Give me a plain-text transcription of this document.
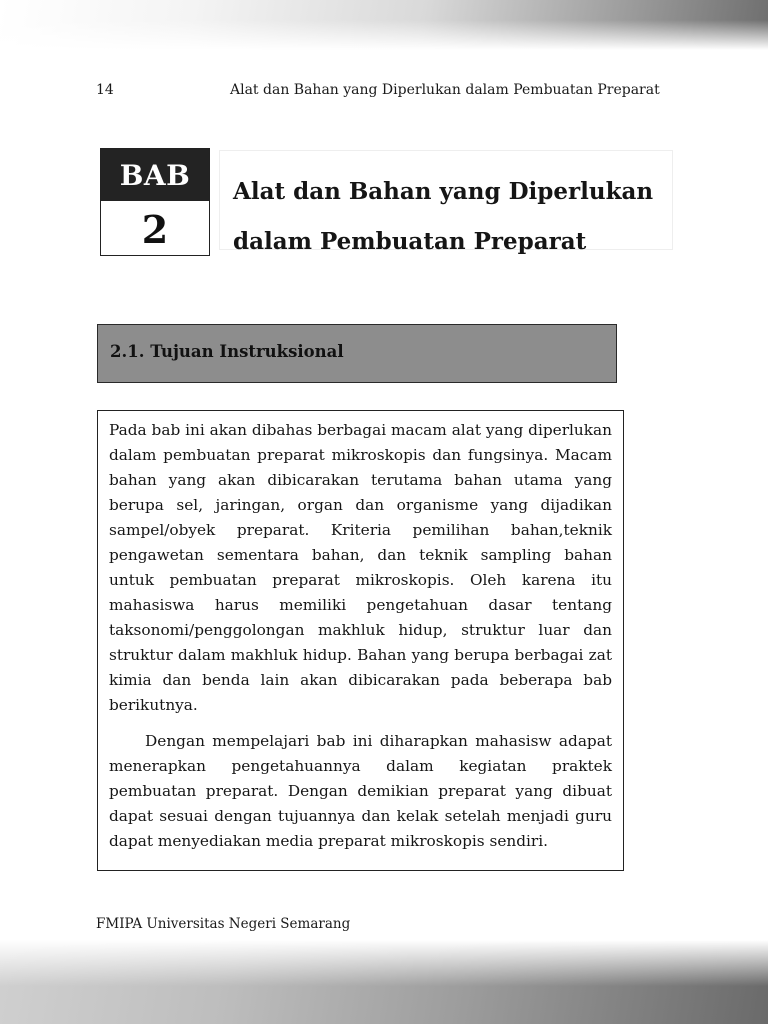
14	Alat dan Bahan yang Diperlukan dalam Pembuatan Preparat
BAB
2
Alat dan Bahan yang Diperlukan
dalam Pembuatan Preparat
2.1. Tujuan Instruksional

Pada bab ini akan dibahas berbagai macam alat yang diperlukan dalam pembuatan preparat mikroskopis dan fungsinya. Macam bahan yang akan dibicarakan terutama bahan utama yang berupa sel, jaringan, organ dan organisme yang dijadikan sampel/obyek preparat. Kriteria pemilihan bahan,teknik pengawetan sementara bahan, dan teknik sampling bahan untuk pembuatan preparat mikroskopis. Oleh karena itu mahasiswa harus memiliki pengetahuan dasar tentang taksonomi/penggolongan makhluk hidup, struktur luar dan struktur dalam makhluk hidup. Bahan yang berupa berbagai zat kimia dan benda lain akan dibicarakan pada beberapa bab berikutnya.

Dengan mempelajari bab ini diharapkan mahasisw adapat menerapkan pengetahuannya dalam kegiatan praktek pembuatan preparat. Dengan demikian preparat yang dibuat dapat sesuai dengan tujuannya dan kelak setelah menjadi guru dapat menyediakan media preparat mikroskopis sendiri.

FMIPA Universitas Negeri Semarang
